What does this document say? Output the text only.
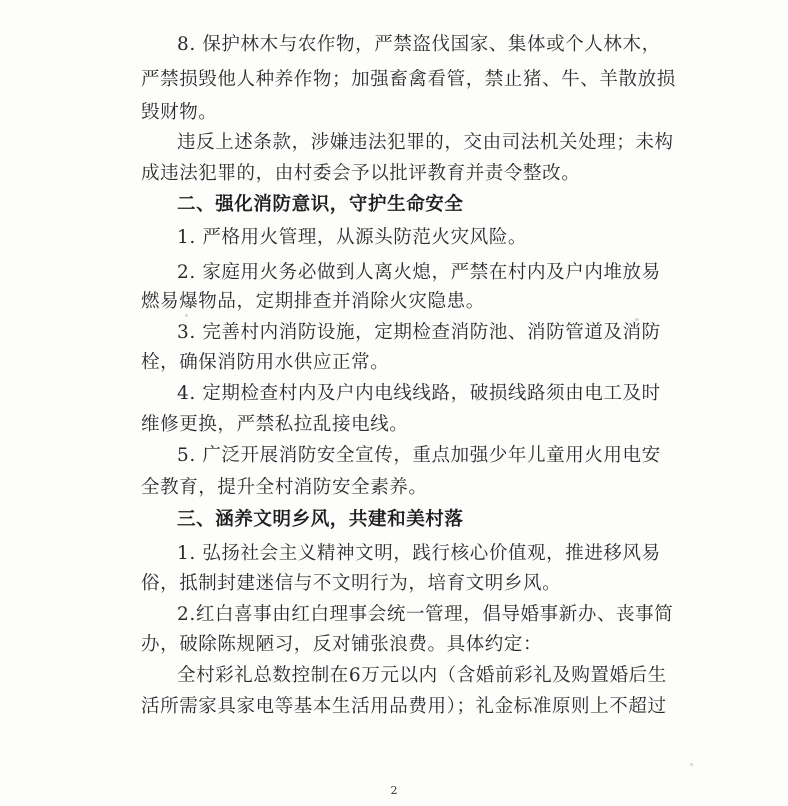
8. 保护林木与农作物，严禁盗伐国家、集体或个人林木，
严禁损毁他人种养作物；加强畜禽看管，禁止猪、牛、羊散放损
毁财物。
违反上述条款，涉嫌违法犯罪的，交由司法机关处理；未构
成违法犯罪的，由村委会予以批评教育并责令整改。
二、强化消防意识，守护生命安全
1. 严格用火管理，从源头防范火灾风险。
2. 家庭用火务必做到人离火熄，严禁在村内及户内堆放易
燃易爆物品，定期排查并消除火灾隐患。
3. 完善村内消防设施，定期检查消防池、消防管道及消防
栓，确保消防用水供应正常。
4. 定期检查村内及户内电线线路，破损线路须由电工及时
维修更换，严禁私拉乱接电线。
5. 广泛开展消防安全宣传，重点加强少年儿童用火用电安
全教育，提升全村消防安全素养。
三、涵养文明乡风，共建和美村落
1. 弘扬社会主义精神文明，践行核心价值观，推进移风易
俗，抵制封建迷信与不文明行为，培育文明乡风。
2.红白喜事由红白理事会统一管理，倡导婚事新办、丧事简
办，破除陈规陋习，反对铺张浪费。具体约定：
全村彩礼总数控制在6万元以内（含婚前彩礼及购置婚后生
活所需家具家电等基本生活用品费用）；礼金标准原则上不超过
2
